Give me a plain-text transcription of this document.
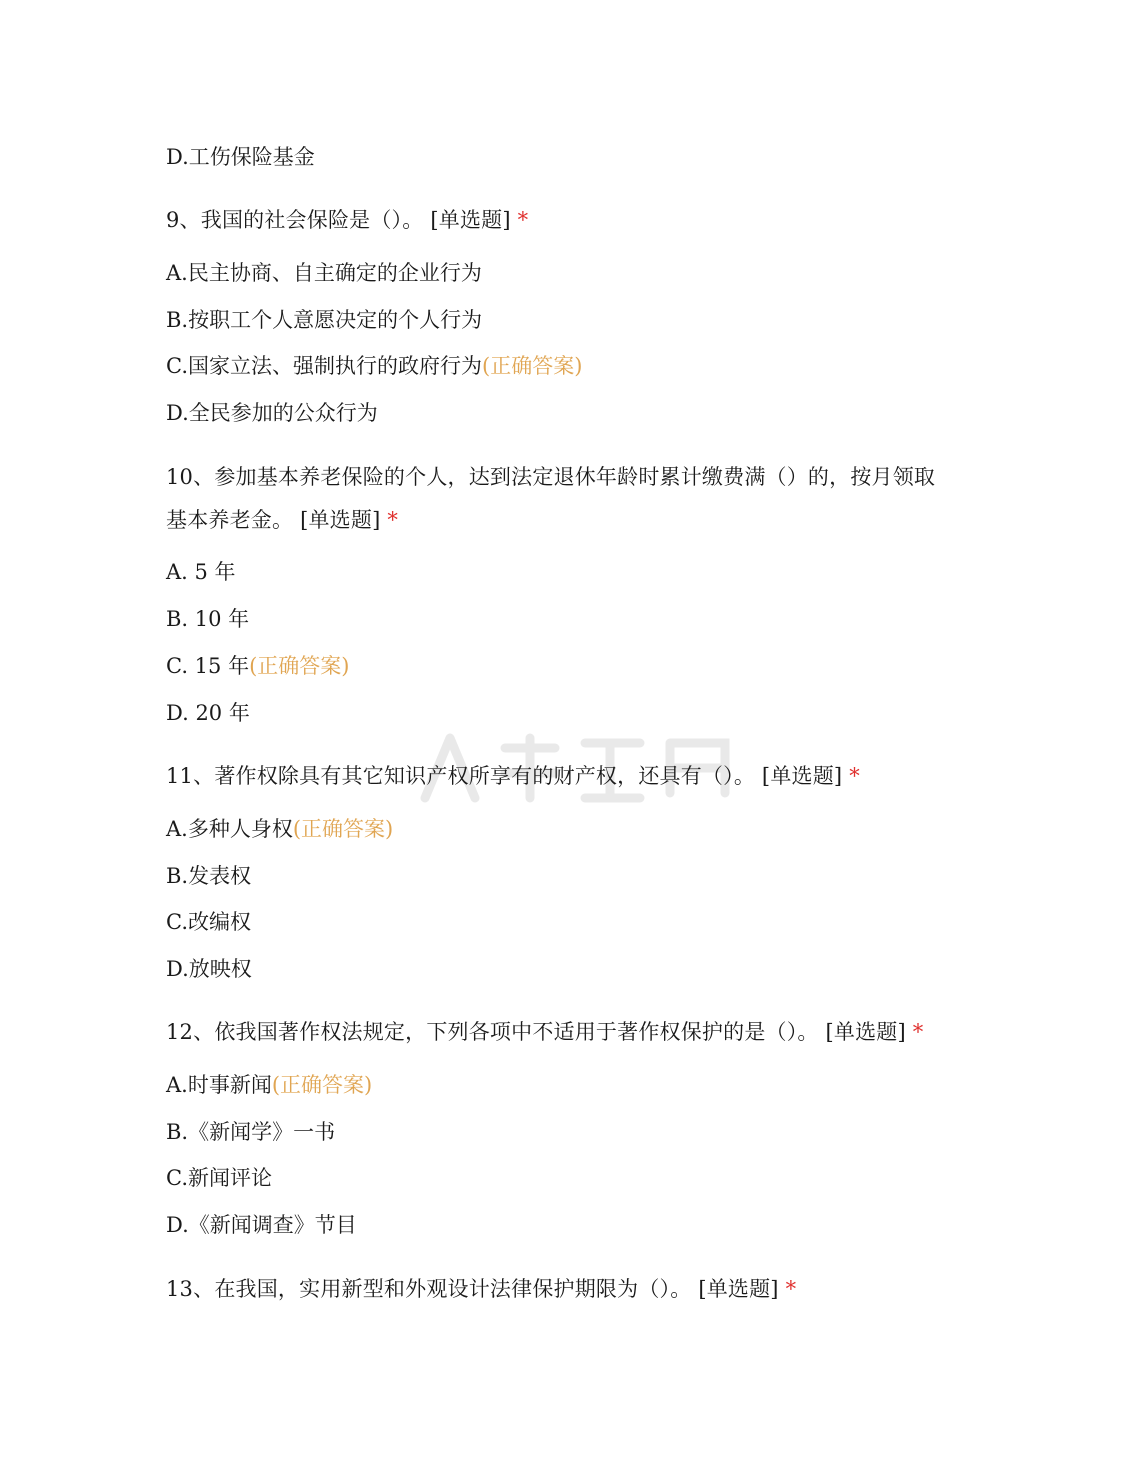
D.工伤保险基金
9、我国的社会保险是（）。 [单选题] *
A.民主协商、自主确定的企业行为
B.按职工个人意愿决定的个人行为
C.国家立法、强制执行的政府行为(正确答案)
D.全民参加的公众行为
10、参加基本养老保险的个人，达到法定退休年龄时累计缴费满（）的，按月领取
基本养老金。 [单选题] *
A. 5 年
B. 10 年
C. 15 年(正确答案)
D. 20 年
11、著作权除具有其它知识产权所享有的财产权，还具有（）。 [单选题] *
A.多种人身权(正确答案)
B.发表权
C.改编权
D.放映权
12、依我国著作权法规定，下列各项中不适用于著作权保护的是（）。 [单选题] *
A.时事新闻(正确答案)
B.《新闻学》一书
C.新闻评论
D.《新闻调查》节目
13、在我国，实用新型和外观设计法律保护期限为（）。 [单选题] *
